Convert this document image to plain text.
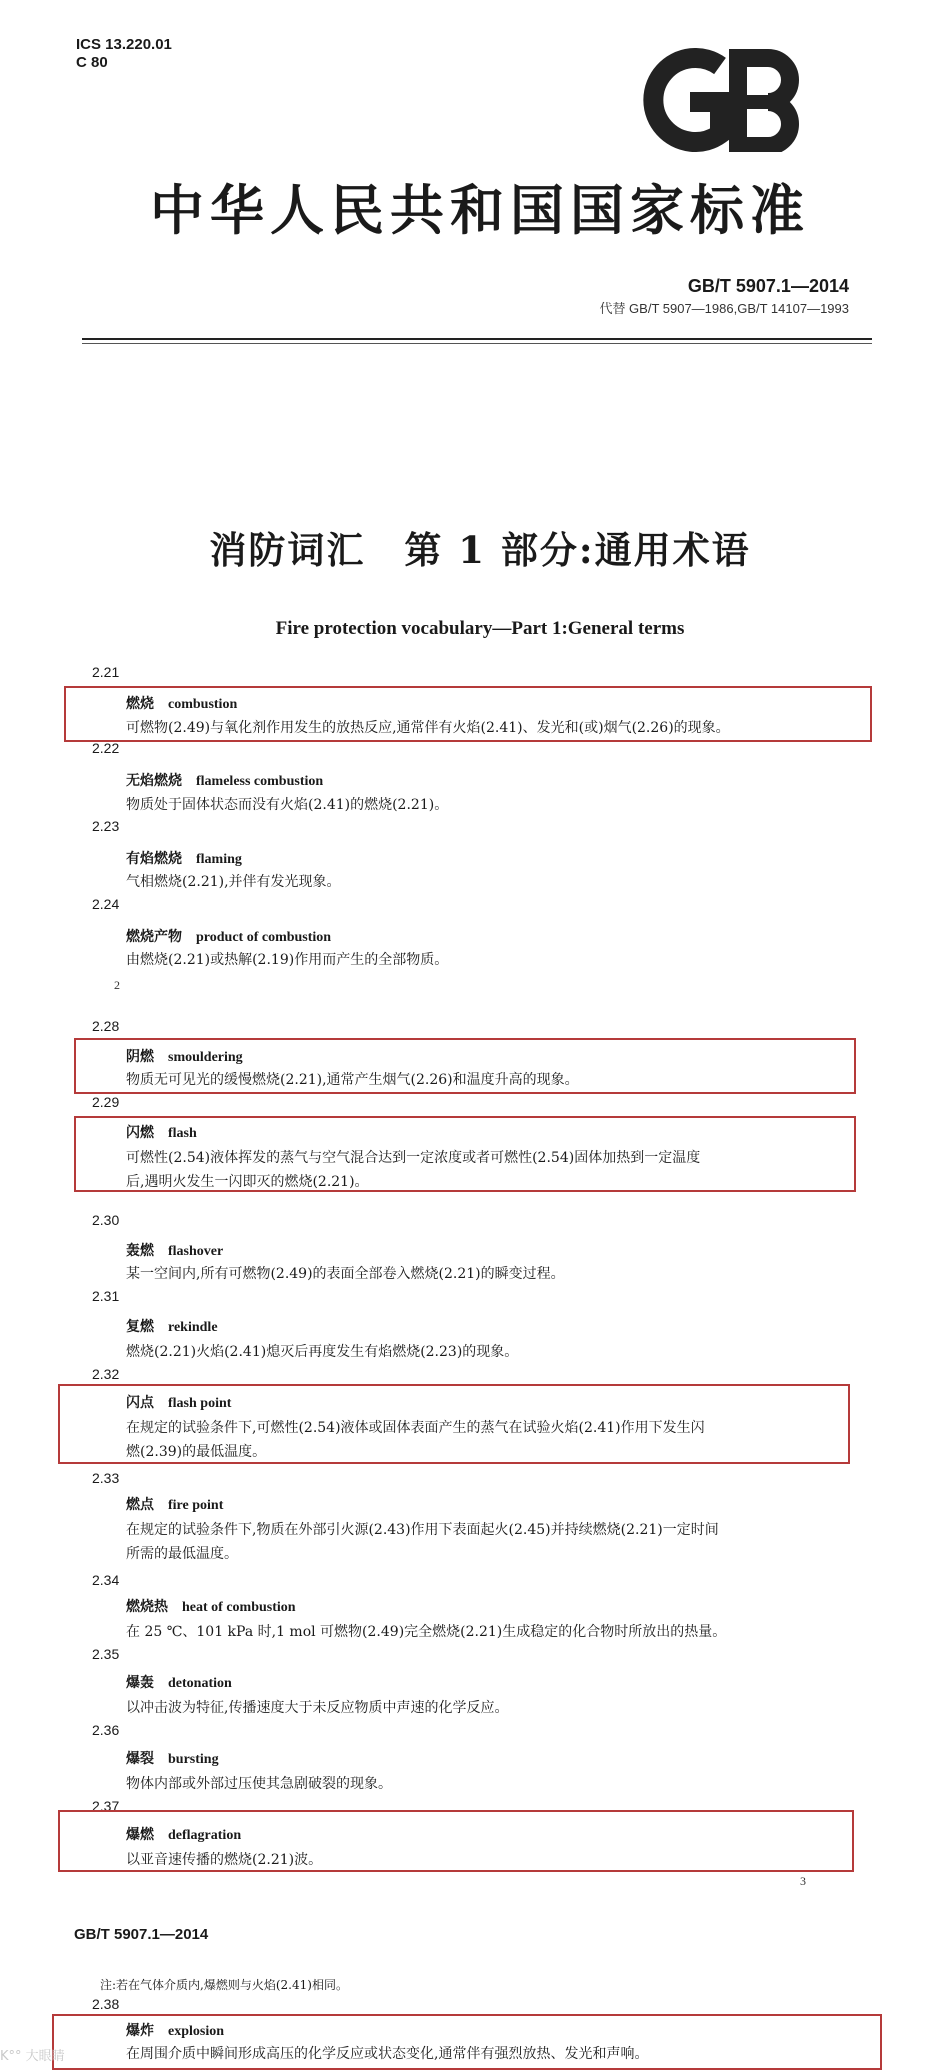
ICS 13.220.01
C 80
中华人民共和国国家标准
GB/T 5907.1—2014
代替 GB/T 5907—1986,GB/T 14107—1993
消防词汇　第 1 部分:通用术语
Fire protection vocabulary—Part 1:General terms
2.21
燃烧 combustion
可燃物(2.49)与氧化剂作用发生的放热反应,通常伴有火焰(2.41)、发光和(或)烟气(2.26)的现象。
2.22
无焰燃烧 flameless combustion
物质处于固体状态而没有火焰(2.41)的燃烧(2.21)。
2.23
有焰燃烧 flaming
气相燃烧(2.21),并伴有发光现象。
2.24
燃烧产物 product of combustion
由燃烧(2.21)或热解(2.19)作用而产生的全部物质。
2
2.28
阴燃 smouldering
物质无可见光的缓慢燃烧(2.21),通常产生烟气(2.26)和温度升高的现象。
2.29
闪燃 flash
可燃性(2.54)液体挥发的蒸气与空气混合达到一定浓度或者可燃性(2.54)固体加热到一定温度
后,遇明火发生一闪即灭的燃烧(2.21)。
2.30
轰燃 flashover
某一空间内,所有可燃物(2.49)的表面全部卷入燃烧(2.21)的瞬变过程。
2.31
复燃 rekindle
燃烧(2.21)火焰(2.41)熄灭后再度发生有焰燃烧(2.23)的现象。
2.32
闪点 flash point
在规定的试验条件下,可燃性(2.54)液体或固体表面产生的蒸气在试验火焰(2.41)作用下发生闪
燃(2.39)的最低温度。
2.33
燃点 fire point
在规定的试验条件下,物质在外部引火源(2.43)作用下表面起火(2.45)并持续燃烧(2.21)一定时间
所需的最低温度。
2.34
燃烧热 heat of combustion
在 25 ℃、101 kPa 时,1 mol 可燃物(2.49)完全燃烧(2.21)生成稳定的化合物时所放出的热量。
2.35
爆轰 detonation
以冲击波为特征,传播速度大于未反应物质中声速的化学反应。
2.36
爆裂 bursting
物体内部或外部过压使其急剧破裂的现象。
2.37
爆燃 deflagration
以亚音速传播的燃烧(2.21)波。
3
GB/T 5907.1—2014
注:若在气体介质内,爆燃则与火焰(2.41)相同。
2.38
爆炸 explosion
在周围介质中瞬间形成高压的化学反应或状态变化,通常伴有强烈放热、发光和声响。
K°° 大眼睛
